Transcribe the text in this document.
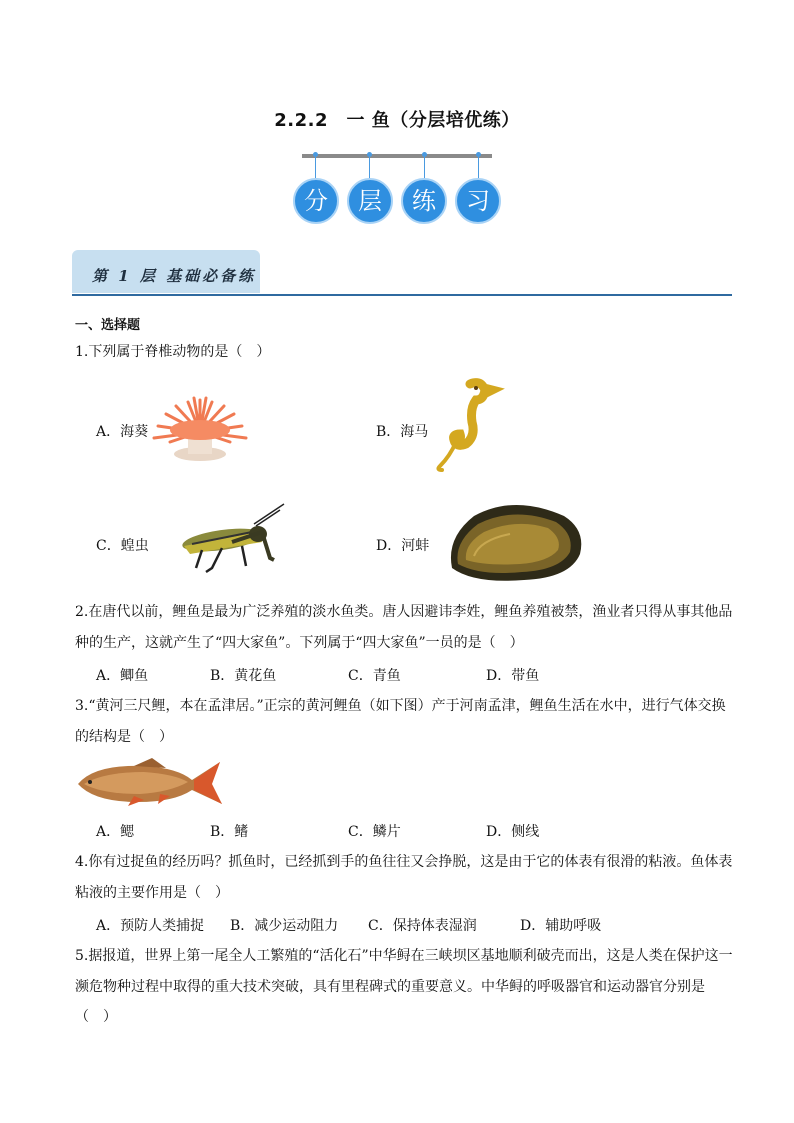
2.2.2　一 鱼（分层培优练）
分	层	练	习
第 1 层 基础必备练
一、选择题
1.下列属于脊椎动物的是（　）
A．海葵	B．海马
C．蝗虫	D．河蚌
2.在唐代以前，鲤鱼是最为广泛养殖的淡水鱼类。唐人因避讳李姓，鲤鱼养殖被禁，渔业者只得从事其他品
种的生产，这就产生了“四大家鱼”。下列属于“四大家鱼”一员的是（　）
A．鲫鱼	B．黄花鱼	C．青鱼	D．带鱼
3.“黄河三尺鲤，本在孟津居。”正宗的黄河鲤鱼（如下图）产于河南孟津，鲤鱼生活在水中，进行气体交换
的结构是（　）
A．鳃	B．鳍	C．鳞片	D．侧线
4.你有过捉鱼的经历吗？抓鱼时，已经抓到手的鱼往往又会挣脱，这是由于它的体表有很滑的粘液。鱼体表
粘液的主要作用是（　）
A．预防人类捕捉 B．减少运动阻力 C．保持体表湿润	D．辅助呼吸
5.据报道，世界上第一尾全人工繁殖的“活化石”中华鲟在三峡坝区基地顺利破壳而出，这是人类在保护这一
濒危物种过程中取得的重大技术突破，具有里程碑式的重要意义。中华鲟的呼吸器官和运动器官分别是
（　）
